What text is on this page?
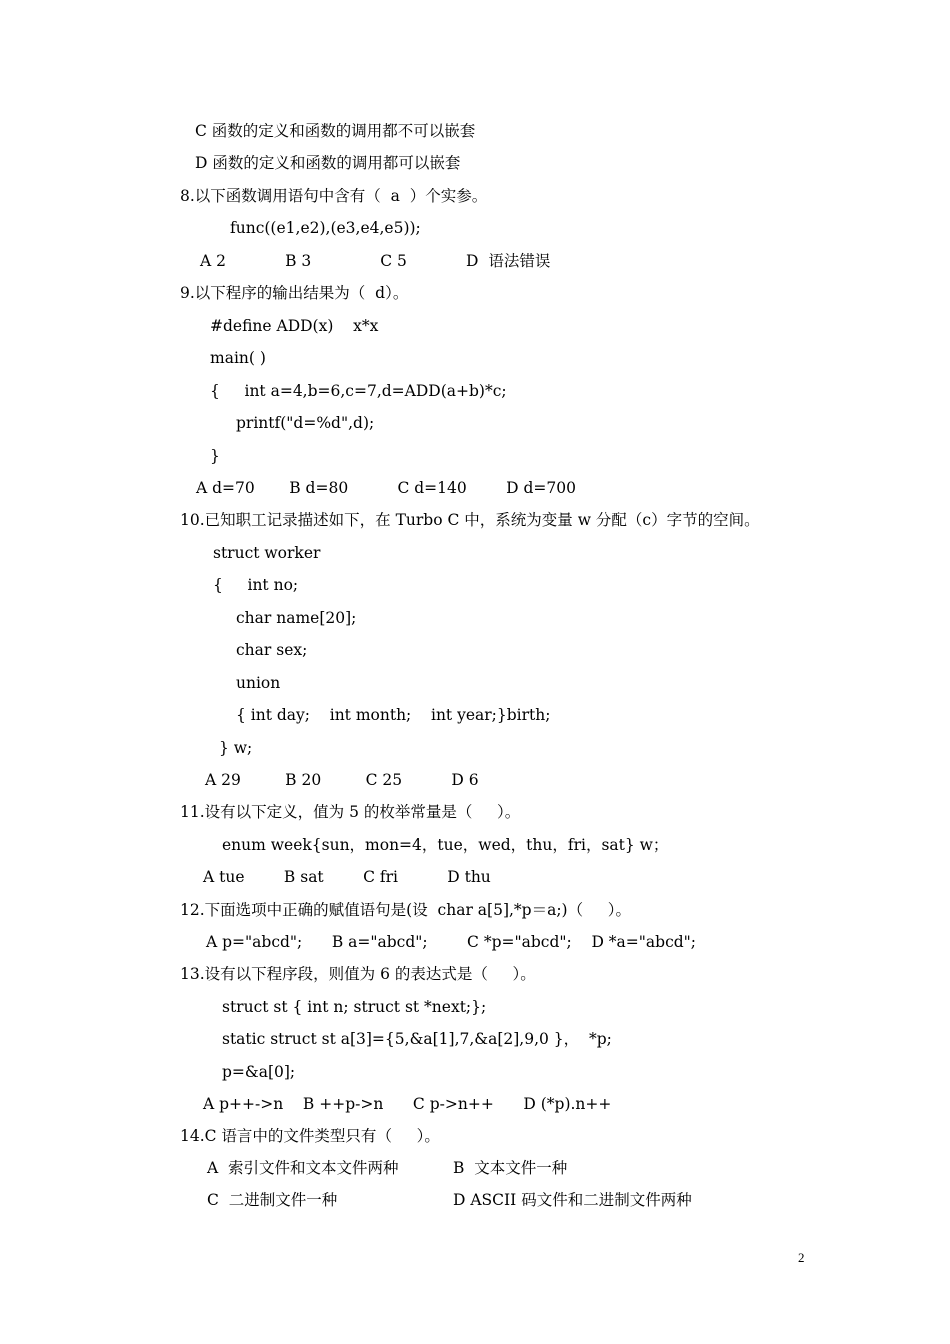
C 函数的定义和函数的调用都不可以嵌套
D 函数的定义和函数的调用都可以嵌套
8.以下函数调用语句中含有（  a  ）个实参。
func((e1,e2),(e3,e4,e5));
A 2            B 3              C 5            D  语法错误
9.以下程序的输出结果为（  d）。
#define ADD(x)    x*x
main( )
{     int a=4,b=6,c=7,d=ADD(a+b)*c;
printf("d=%d",d);
}
A d=70       B d=80          C d=140        D d=700
10.已知职工记录描述如下，在 Turbo C 中，系统为变量 w 分配（c）字节的空间。
struct worker
{     int no;
char name[20];
char sex;
union
{ int day;    int month;    int year;}birth;
} w;
A 29         B 20         C 25          D 6
11.设有以下定义，值为 5 的枚举常量是（     ）。
enum week{sun，mon=4，tue，wed，thu，fri，sat} w；
A tue        B sat        C fri          D thu
12.下面选项中正确的赋值语句是(设  char a[5],*p＝a;)（     ）。
A p="abcd";      B a="abcd";        C *p="abcd";    D *a="abcd";
13.设有以下程序段，则值为 6 的表达式是（     ）。
struct st { int n; struct st *next;};
static struct st a[3]={5,&a[1],7,&a[2],9,0 }，  *p;
p=&a[0];
A p++->n    B ++p->n      C p->n++      D (*p).n++
14.C 语言中的文件类型只有（     ）。
A  索引文件和文本文件两种	B  文本文件一种
C  二进制文件一种	D ASCII 码文件和二进制文件两种
2
